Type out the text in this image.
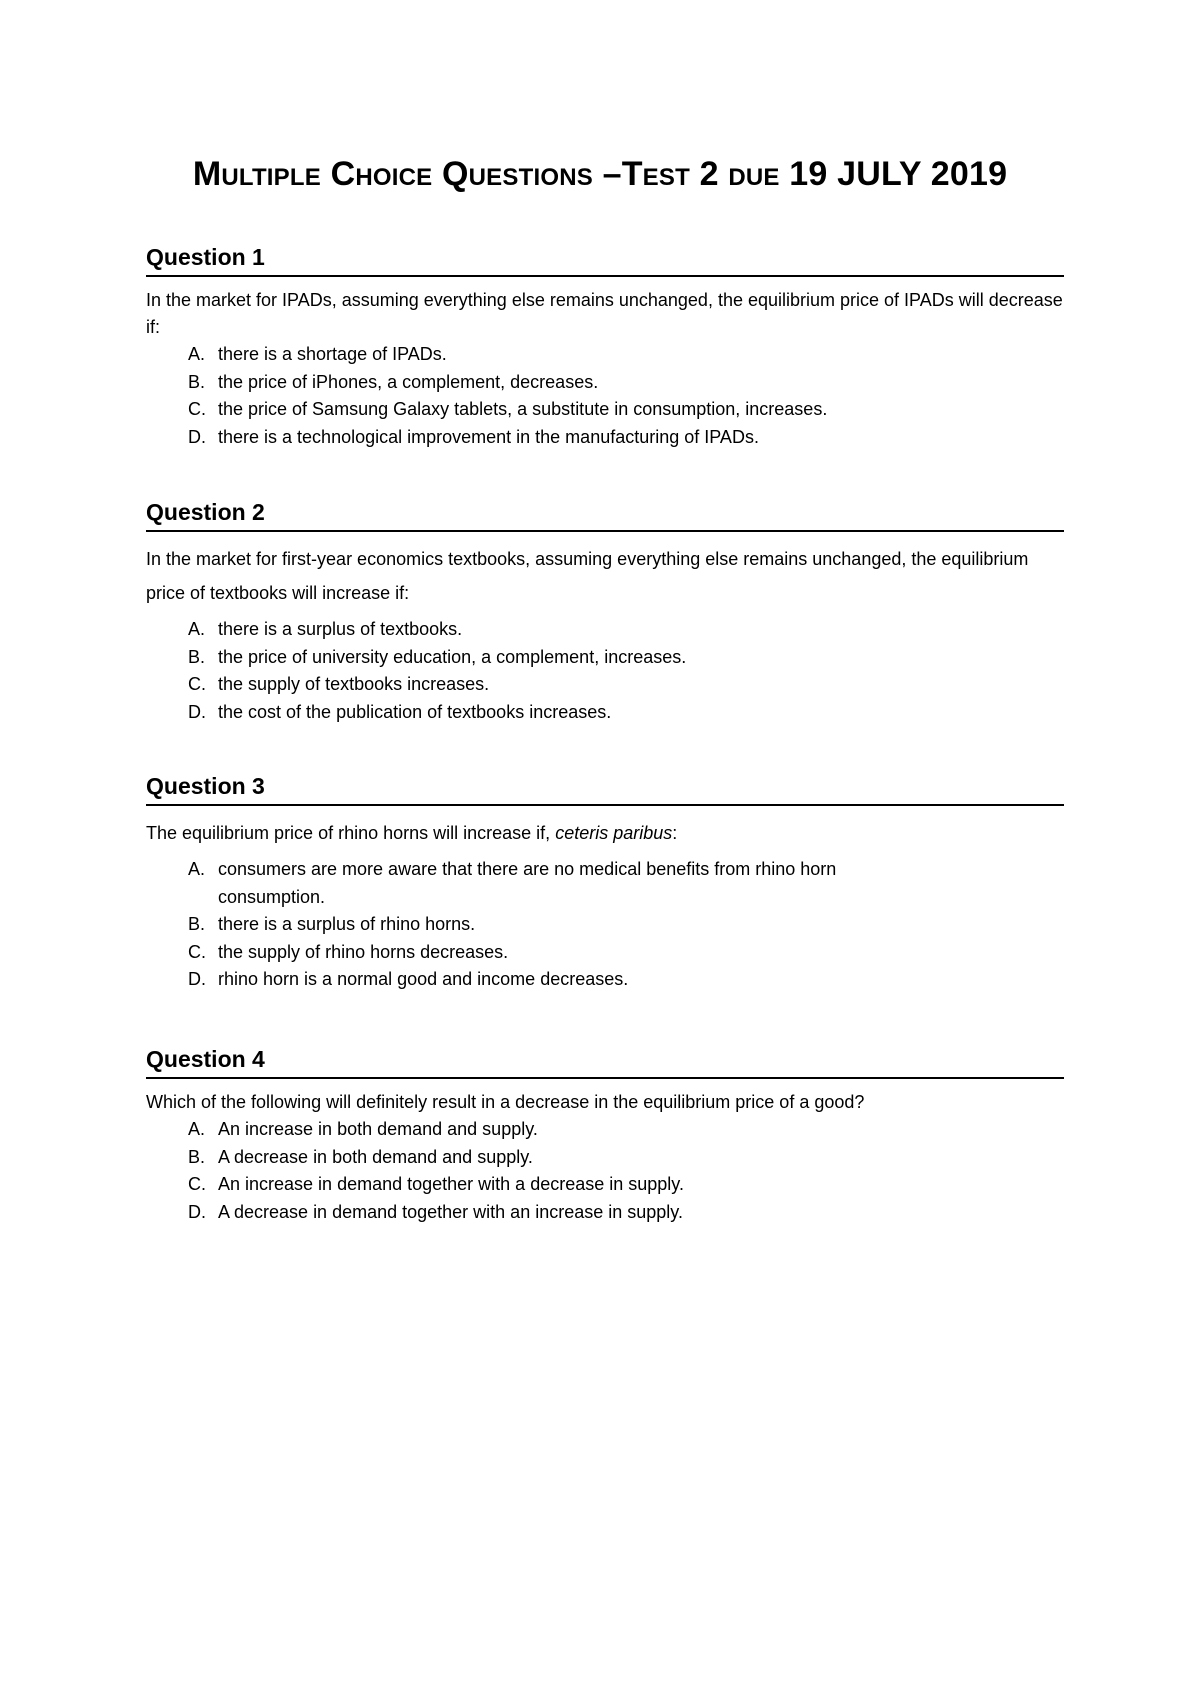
Multiple Choice Questions –Test 2 due 19 JULY 2019
Question 1

In the market for IPADs, assuming everything else remains unchanged, the equilibrium price of IPADs will decrease if:

A. there is a shortage of IPADs.
B. the price of iPhones, a complement, decreases.
C. the price of Samsung Galaxy tablets, a substitute in consumption, increases.
D. there is a technological improvement in the manufacturing of IPADs.
Question 2

In the market for first-year economics textbooks, assuming everything else remains unchanged, the equilibrium price of textbooks will increase if:

A. there is a surplus of textbooks.
B. the price of university education, a complement, increases.
C. the supply of textbooks increases.
D. the cost of the publication of textbooks increases.
Question 3

The equilibrium price of rhino horns will increase if, ceteris paribus:

A. consumers are more aware that there are no medical benefits from rhino horn consumption.
B. there is a surplus of rhino horns.
C. the supply of rhino horns decreases.
D. rhino horn is a normal good and income decreases.
Question 4

Which of the following will definitely result in a decrease in the equilibrium price of a good?

A. An increase in both demand and supply.
B. A decrease in both demand and supply.
C. An increase in demand together with a decrease in supply.
D. A decrease in demand together with an increase in supply.
